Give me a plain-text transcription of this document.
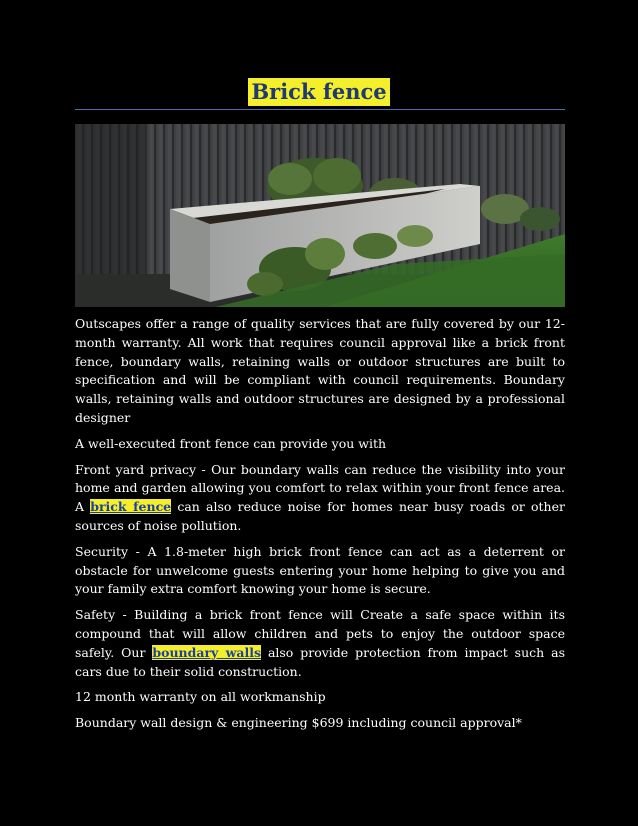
Brick fence

Outscapes offer a range of quality services that are fully covered by our 12-month warranty. All work that requires council approval like a brick front fence, boundary walls, retaining walls or outdoor structures are built to specification and will be compliant with council requirements. Boundary walls, retaining walls and outdoor structures are designed by a professional designer

A well-executed front fence can provide you with

Front yard privacy - Our boundary walls can reduce the visibility into your home and garden allowing you comfort to relax within your front fence area. A brick fence can also reduce noise for homes near busy roads or other sources of noise pollution.

Security - A 1.8-meter high brick front fence can act as a deterrent or obstacle for unwelcome guests entering your home helping to give you and your family extra comfort knowing your home is secure.

Safety - Building a brick front fence will Create a safe space within its compound that will allow children and pets to enjoy the outdoor space safely. Our boundary walls also provide protection from impact such as cars due to their solid construction.

12 month warranty on all workmanship

Boundary wall design & engineering $699 including council approval*
